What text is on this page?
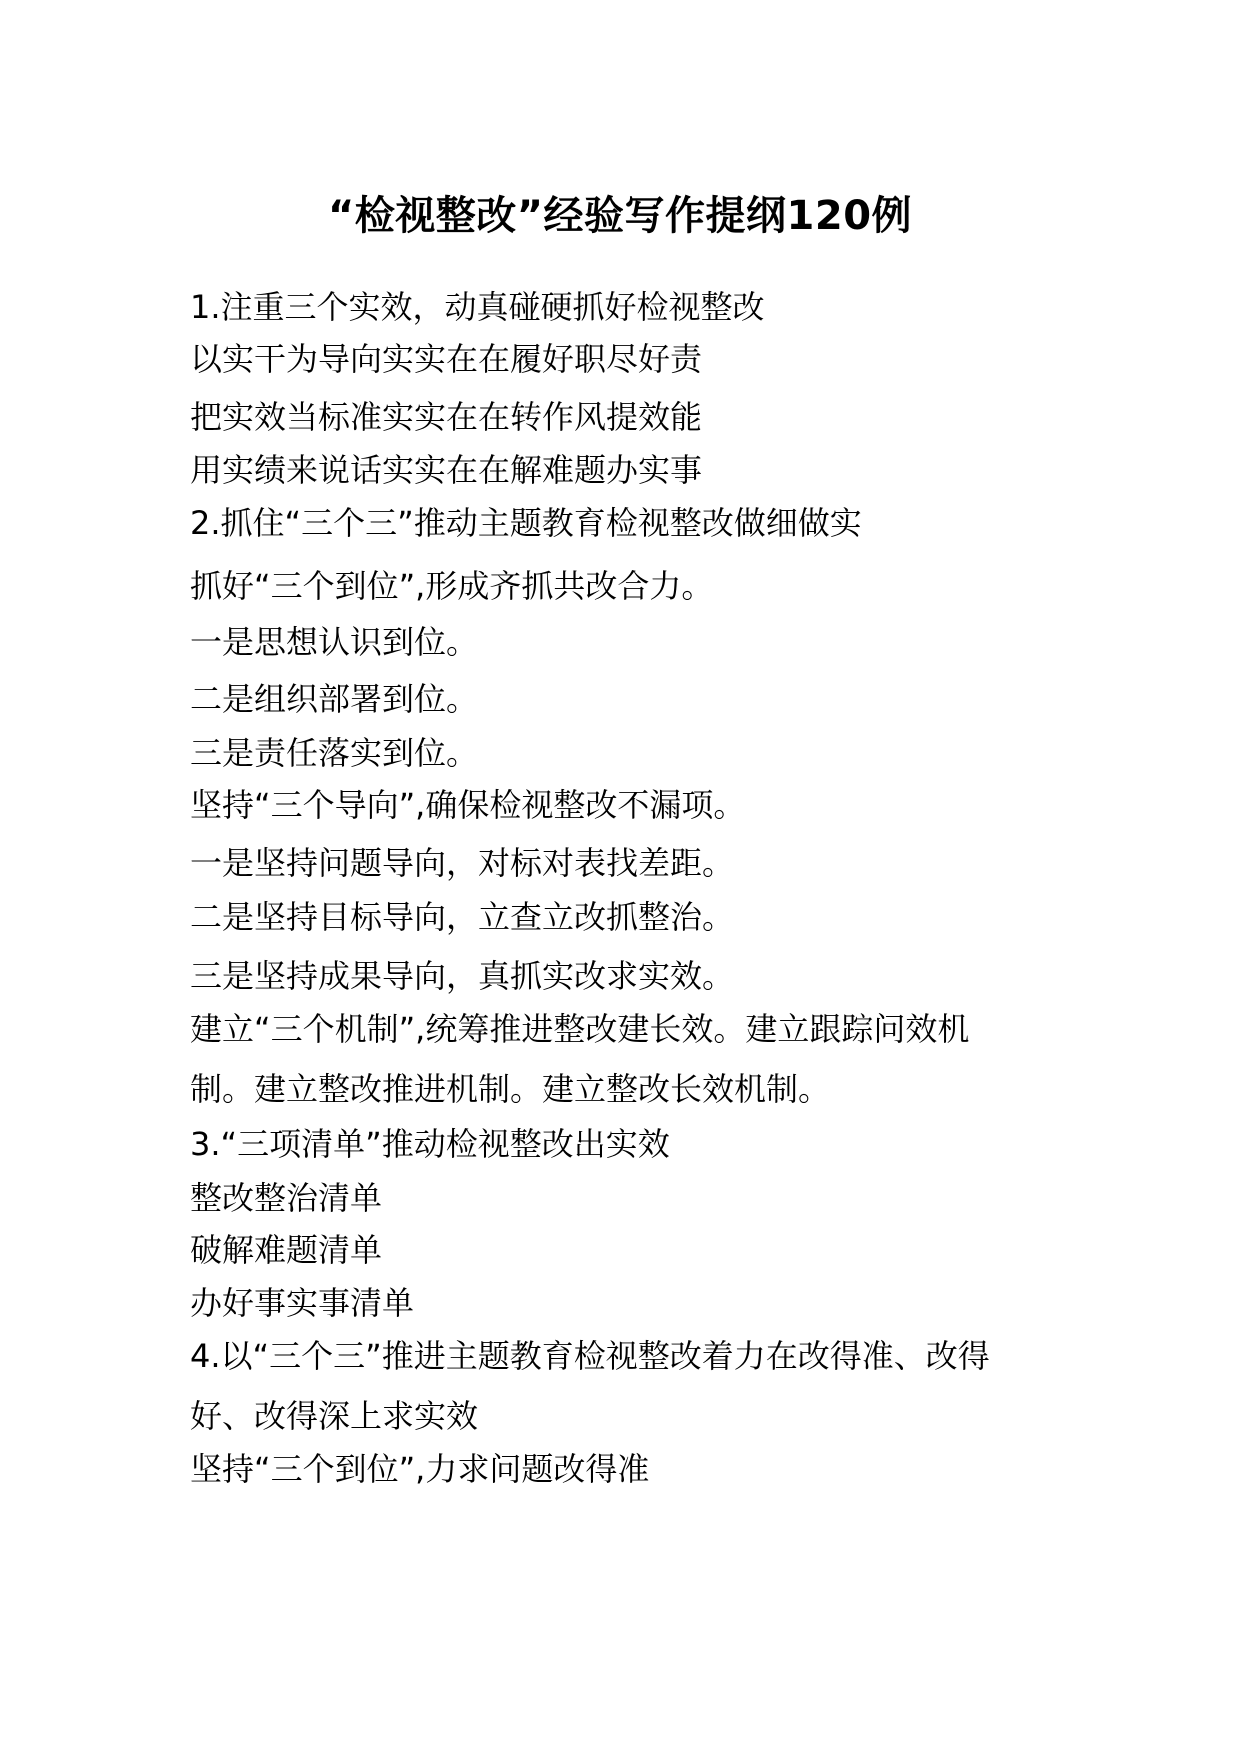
“检视整改”经验写作提纲120例
1.注重三个实效，动真碰硬抓好检视整改
以实干为导向实实在在履好职尽好责
把实效当标准实实在在转作风提效能
用实绩来说话实实在在解难题办实事
2.抓住“三个三”推动主题教育检视整改做细做实
抓好“三个到位”,形成齐抓共改合力。
一是思想认识到位。
二是组织部署到位。
三是责任落实到位。
坚持“三个导向”,确保检视整改不漏项。
一是坚持问题导向，对标对表找差距。
二是坚持目标导向，立查立改抓整治。
三是坚持成果导向，真抓实改求实效。
建立“三个机制”,统筹推进整改建长效。建立跟踪问效机
制。建立整改推进机制。建立整改长效机制。
3.“三项清单”推动检视整改出实效
整改整治清单
破解难题清单
办好事实事清单
4.以“三个三”推进主题教育检视整改着力在改得准、改得
好、改得深上求实效
坚持“三个到位”,力求问题改得准
